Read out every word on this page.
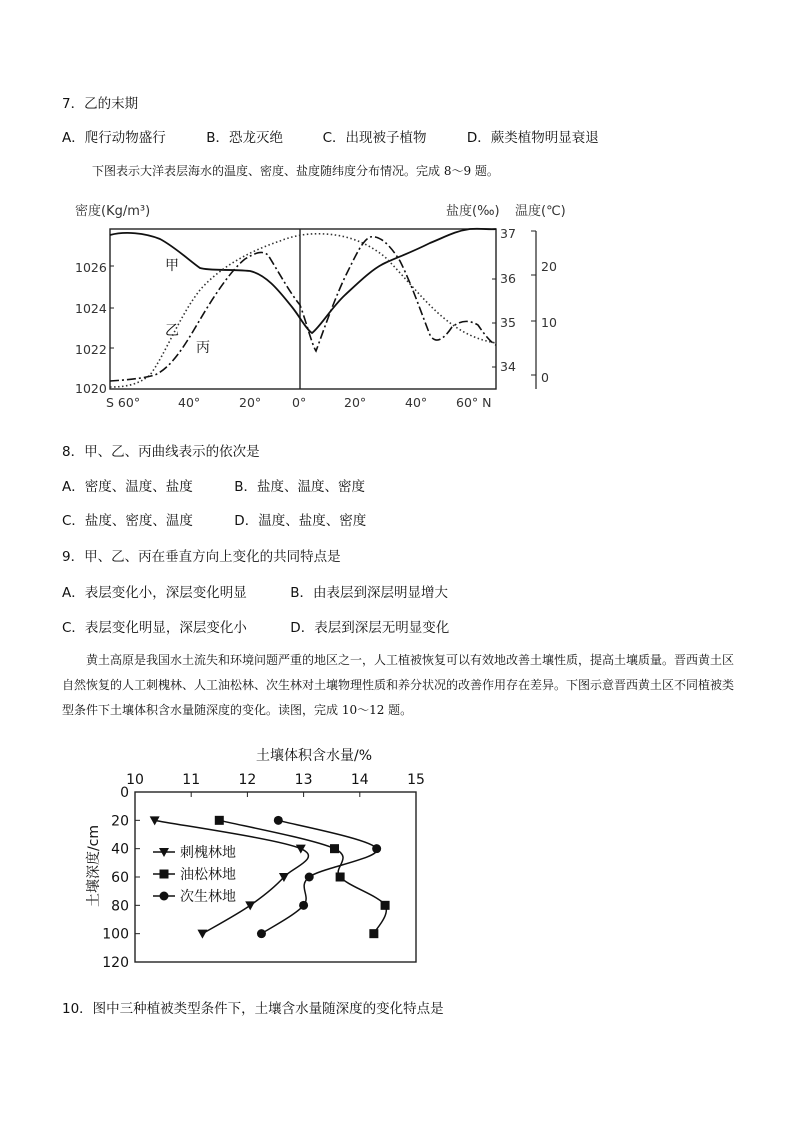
7．乙的末期
A．爬行动物盛行	B．恐龙灭绝	C．出现被子植物	D．蕨类植物明显衰退
下图表示大洋表层海水的温度、密度、盐度随纬度分布情况。完成 8～9 题。
密度(Kg/m³)	盐度(‰) 温度(℃)
1020
1022
1024
1026
37
36
35
34
20
10
0
S 60°	40°	20° 0°	20°	40° 60° N
甲
乙
丙
8．甲、乙、丙曲线表示的依次是
A．密度、温度、盐度	B．盐度、温度、密度
C．盐度、密度、温度	D．温度、盐度、密度
9．甲、乙、丙在垂直方向上变化的共同特点是
A．表层变化小，深层变化明显	B．由表层到深层明显增大
C．表层变化明显，深层变化小	D．表层到深层无明显变化
黄土高原是我国水土流失和环境问题严重的地区之一，人工植被恢复可以有效地改善土壤性质，提高土壤质量。晋西黄土区自然恢复的人工刺槐林、人工油松林、次生林对土壤物理性质和养分状况的改善作用存在差异。下图示意晋西黄土区不同植被类型条件下土壤体积含水量随深度的变化。读图，完成 10～12 题。
土壤体积含水量/%
土壤深度/cm
10	11	12	13	14	15
0
20
40
60
80
100
120
刺槐林地
油松林地
次生林地
10．图中三种植被类型条件下，土壤含水量随深度的变化特点是
